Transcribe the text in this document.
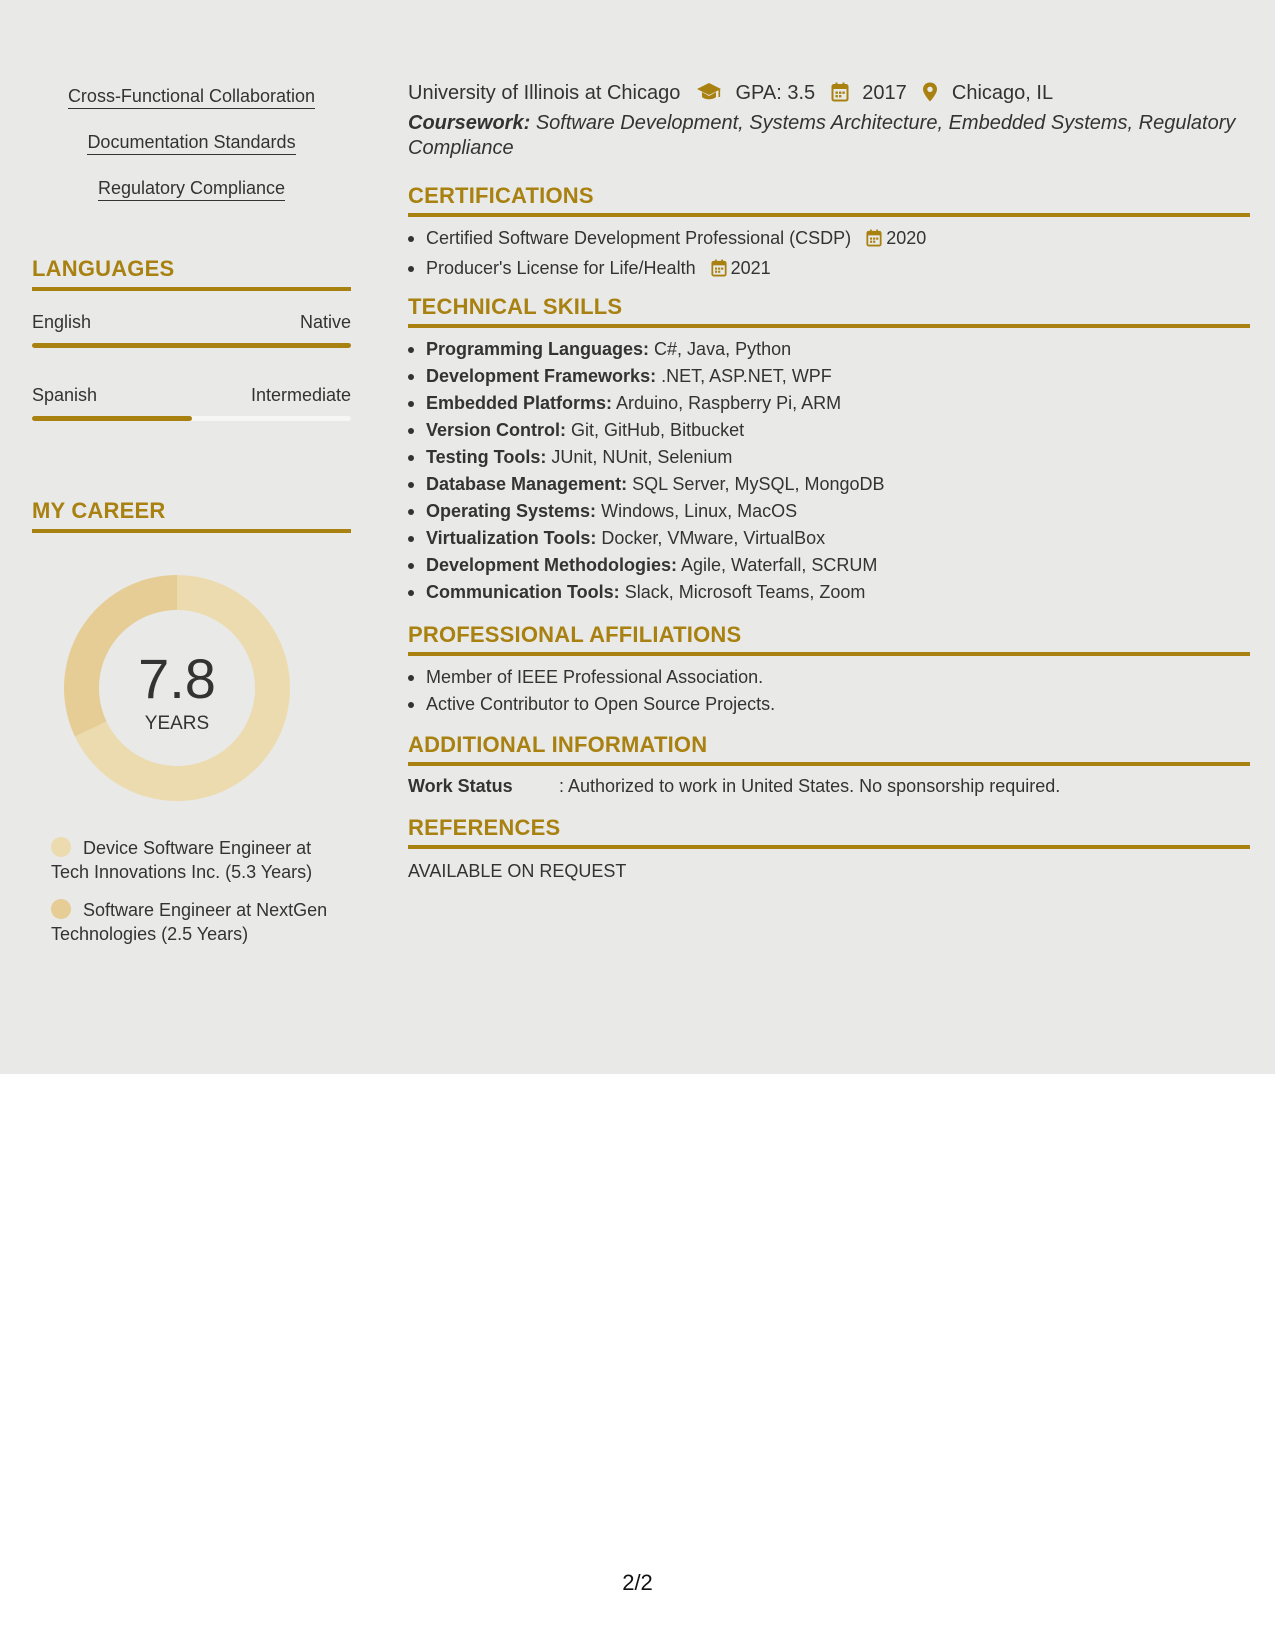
Cross-Functional Collaboration
Documentation Standards
Regulatory Compliance
LANGUAGES
English	Native
Spanish	Intermediate
MY CAREER
7.8
YEARS
Device Software Engineer at Tech Innovations Inc. (5.3 Years)
Software Engineer at NextGen Technologies (2.5 Years)
University of Illinois at Chicago	GPA: 3.5 2017 Chicago, IL
Coursework: Software Development, Systems Architecture, Embedded Systems, Regulatory Compliance
CERTIFICATIONS
Certified Software Development Professional (CSDP) 2020
Producer's License for Life/Health 2021
TECHNICAL SKILLS
Programming Languages: C#, Java, Python
Development Frameworks: .NET, ASP.NET, WPF
Embedded Platforms: Arduino, Raspberry Pi, ARM
Version Control: Git, GitHub, Bitbucket
Testing Tools: JUnit, NUnit, Selenium
Database Management: SQL Server, MySQL, MongoDB
Operating Systems: Windows, Linux, MacOS
Virtualization Tools: Docker, VMware, VirtualBox
Development Methodologies: Agile, Waterfall, SCRUM
Communication Tools: Slack, Microsoft Teams, Zoom
PROFESSIONAL AFFILIATIONS
Member of IEEE Professional Association.
Active Contributor to Open Source Projects.
ADDITIONAL INFORMATION
Work Status	: Authorized to work in United States. No sponsorship required.
REFERENCES
AVAILABLE ON REQUEST
2/2
